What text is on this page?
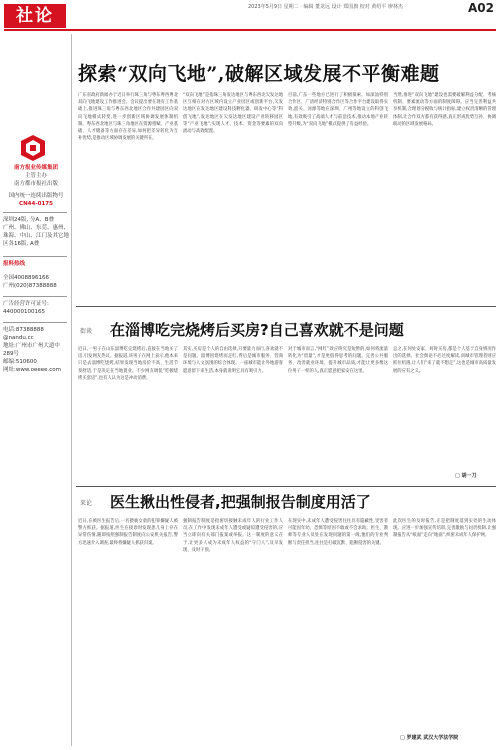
社论	2023年5月9日 星期二 · 编辑 董龙远 设计 郑国旗 校对 黄绍平 廖林杰	A02
南方报业传媒集团
主管主办
南方都市报社出版
国内统一连续出版物号
CN44-0175
深圳24版, 分A、B叠
广州、佛山、东莞、惠州、珠海、中山、江门及其它地区各16版, A叠
报料热线
全国4008896166
广州(020)87388888
广告经营许可证号:
440000100165
电话:87388888
@nandu.cc
地址:广州市广州大道中289号
邮编:510600
网址:www.oeeee.com
探索“双向飞地”,破解区域发展不平衡难题
广东省政府新闻办于近日举行珠三角与粤东粤西粤北双向飞地建设工作推进会。会议提出要在现有工作基础上,推进珠三角与粤东西北地区合作共建园区向双向飞地模式转变,进一步创新区域协调发展体制机制。粤东西北地区与珠三角地区在资源禀赋、产业基础、人才储备等方面存在差异,如何把差异转化为互补优势,是推动区域协调发展的关键所在。
“双向飞地”是指珠三角发达地区与粤东西北欠发达地区互相在对方区域内设立产业园区或创新平台,欠发达地区在发达地区建设科技孵化器、研发中心等“科创飞地”,发达地区在欠发达地区建设产业转移园区等“产业飞地”,实现人才、技术、资金等要素的双向流动与高效配置。
目前,广东一些地方已进行了积极探索。如深汕特别合作区、广清经济特别合作区等合作平台建设取得实效,韶关、河源等地在深圳、广州等地设立的科创飞地,有效吸引了高端人才与前沿技术,推动本地产业转型升级,为“双向飞地”模式提供了有益经验。
当然,推进“双向飞地”建设也需要破解利益分配、考核机制、要素流动等方面的制度障碍。应当完善利益共享机制,合理划分税收与统计指标,建立权责清晰的管理体制,让合作双方都有获得感,真正形成优势互补、协调联动的区域发展格局。
街谈 在淄博吃完烧烤后买房?自己喜欢就不是问题
近日,一男子在山东淄博吃完烧烤后,直接在当地买了房,引发网友热议。据报道,该男子在网上表示,他本来只是去淄博吃烧烤,结果发现当地房价不高、生活节奏舒适,于是决定在当地置业。不少网友调侃“吃顿烧烤买套房”,也有人认为这是冲动消费。
其实,买房是个人的自由选择,只要量力而行,喜欢就不是问题。淄博因烧烤而走红,背后是城市服务、营商环境与人文氛围的综合体现。一座城市能让外地游客愿意留下来生活,本身就说明它具有吸引力。
对于城市而言,“网红”效应终究是短暂的,如何将流量转化为“留量”,才是更值得思考的问题。完善公共服务、改善就业环境、提升城市品质,才能让更多像这位男子一样的人,真正愿意把家安在这里。
总之,在何处安家、何时买房,都是个人基于自身情况作出的选择。社会舆论不必过度解读,而城市管理者则应抓住机遇,让人们“来了就不想走”,这也是城市高质量发展的应有之义。
□ 胡一刀
来论 医生揪出性侵者,把强制报告制度用活了
近日,在被医生报告后,一名猥亵女童的犯罪嫌疑人被警方抓获。据报道,医生在接诊时发现患儿身上存在异常伤情,随即按照强制报告制度向公安机关报告,警方迅速介入调查,最终将嫌疑人抓获归案。
强制报告制度是指密切接触未成年人的行业工作人员,在工作中发现未成年人遭受或疑似遭受侵害的,应当立即向有关部门报案或举报。这一制度的意义在于,让更多人成为未成年人权益的“守门人”,及早发现、及时干预。
在现实中,未成年人遭受侵害往往具有隐蔽性,受害者可能因年幼、恐惧等原因不敢或不会求助。医生、教师等专业人员处在发现问题的第一线,他们的专业判断与责任担当,往往是打破沉默、阻断侵害的关键。
此次医生的及时报告,正是把制度落到实处的生动体现。应进一步加强宣传培训,完善激励与问责机制,让强制报告从“纸面”走向“地面”,织密未成年人保护网。
□ 罗建武 武汉大学法学院
